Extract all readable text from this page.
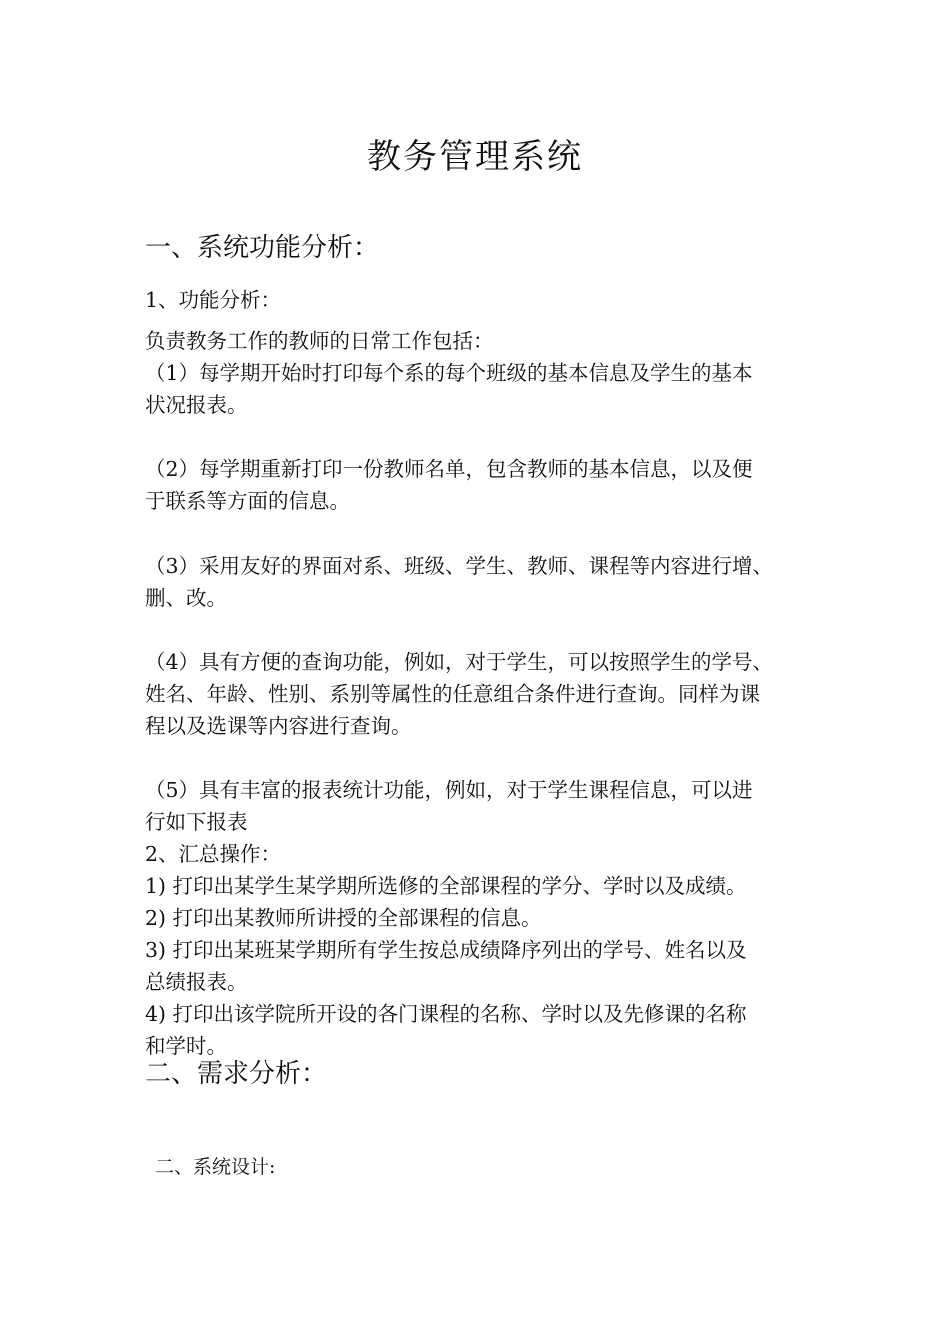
教务管理系统
一、系统功能分析：
1、功能分析：
负责教务工作的教师的日常工作包括：
（1）每学期开始时打印每个系的每个班级的基本信息及学生的基本
状况报表。
（2）每学期重新打印一份教师名单，包含教师的基本信息，以及便
于联系等方面的信息。
（3）采用友好的界面对系、班级、学生、教师、课程等内容进行增、
删、改。
（4）具有方便的查询功能，例如，对于学生，可以按照学生的学号、
姓名、年龄、性别、系别等属性的任意组合条件进行查询。同样为课
程以及选课等内容进行查询。
（5）具有丰富的报表统计功能，例如，对于学生课程信息，可以进
行如下报表
2、汇总操作：
1) 打印出某学生某学期所选修的全部课程的学分、学时以及成绩。
2) 打印出某教师所讲授的全部课程的信息。
3) 打印出某班某学期所有学生按总成绩降序列出的学号、姓名以及
总绩报表。
4) 打印出该学院所开设的各门课程的名称、学时以及先修课的名称
和学时。
二、需求分析：
二、系统设计:
